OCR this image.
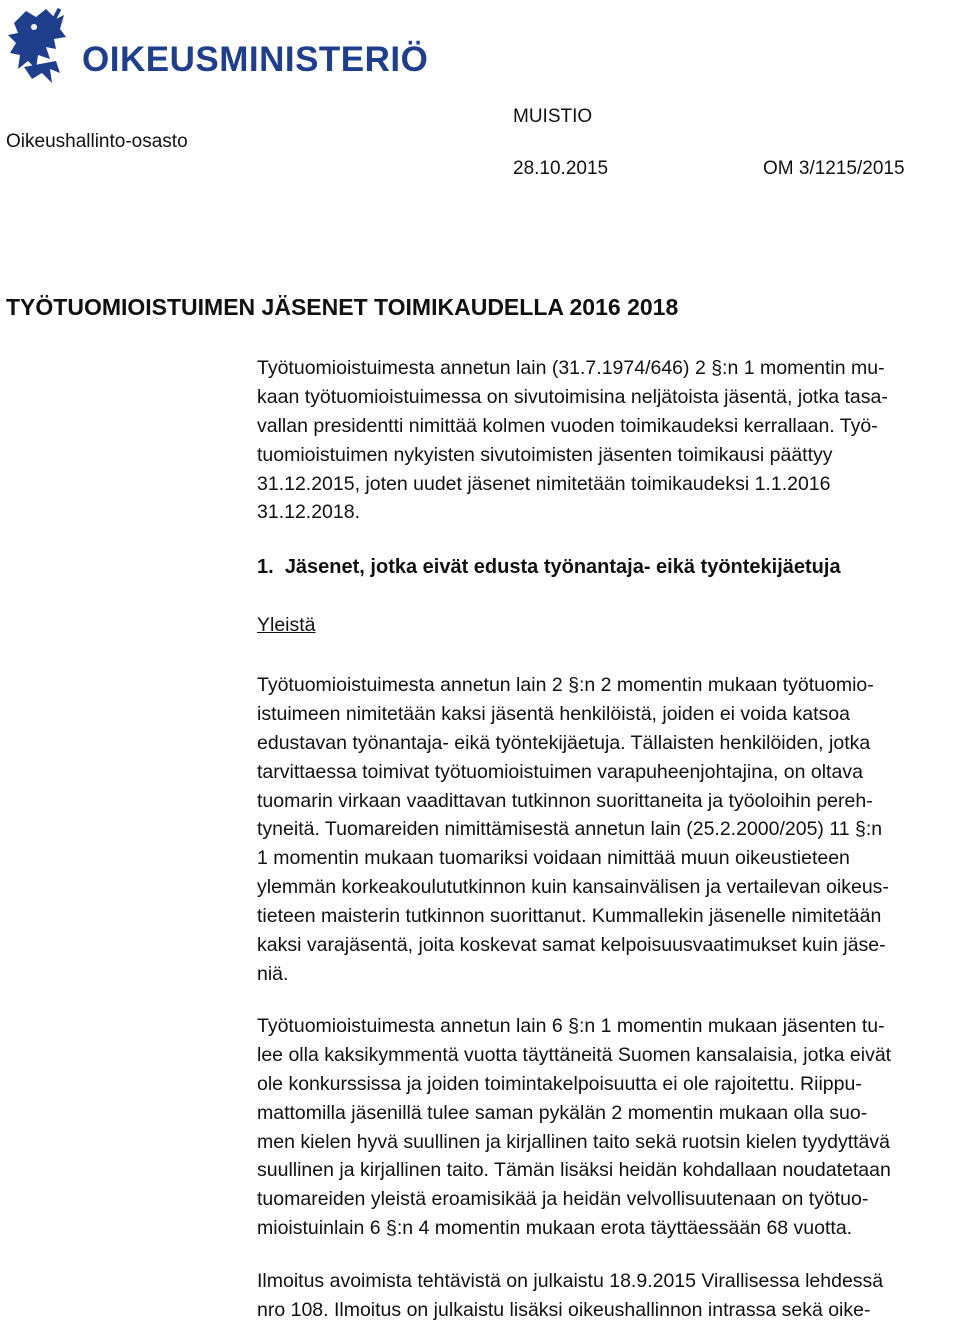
OIKEUSMINISTERIÖ
Oikeushallinto-osasto
MUISTIO
28.10.2015	OM 3/1215/2015
TYÖTUOMIOISTUIMEN JÄSENET TOIMIKAUDELLA 2016 2018
Työtuomioistuimesta annetun lain (31.7.1974/646) 2 §:n 1 momentin mu-
kaan työtuomioistuimessa on sivutoimisina neljätoista jäsentä, jotka tasa-
vallan presidentti nimittää kolmen vuoden toimikaudeksi kerrallaan. Työ-
tuomioistuimen nykyisten sivutoimisten jäsenten toimikausi päättyy
31.12.2015, joten uudet jäsenet nimitetään toimikaudeksi 1.1.2016
31.12.2018.
1. Jäsenet, jotka eivät edusta työnantaja- eikä työntekijäetuja
Yleistä
Työtuomioistuimesta annetun lain 2 §:n 2 momentin mukaan työtuomio-
istuimeen nimitetään kaksi jäsentä henkilöistä, joiden ei voida katsoa
edustavan työnantaja- eikä työntekijäetuja. Tällaisten henkilöiden, jotka
tarvittaessa toimivat työtuomioistuimen varapuheenjohtajina, on oltava
tuomarin virkaan vaadittavan tutkinnon suorittaneita ja työoloihin pereh-
tyneitä. Tuomareiden nimittämisestä annetun lain (25.2.2000/205) 11 §:n
1 momentin mukaan tuomariksi voidaan nimittää muun oikeustieteen
ylemmän korkeakoulututkinnon kuin kansainvälisen ja vertailevan oikeus-
tieteen maisterin tutkinnon suorittanut. Kummallekin jäsenelle nimitetään
kaksi varajäsentä, joita koskevat samat kelpoisuusvaatimukset kuin jäse-
niä.
Työtuomioistuimesta annetun lain 6 §:n 1 momentin mukaan jäsenten tu-
lee olla kaksikymmentä vuotta täyttäneitä Suomen kansalaisia, jotka eivät
ole konkurssissa ja joiden toimintakelpoisuutta ei ole rajoitettu. Riippu-
mattomilla jäsenillä tulee saman pykälän 2 momentin mukaan olla suo-
men kielen hyvä suullinen ja kirjallinen taito sekä ruotsin kielen tyydyttävä
suullinen ja kirjallinen taito. Tämän lisäksi heidän kohdallaan noudatetaan
tuomareiden yleistä eroamisikää ja heidän velvollisuutenaan on työtuo-
mioistuinlain 6 §:n 4 momentin mukaan erota täyttäessään 68 vuotta.
Ilmoitus avoimista tehtävistä on julkaistu 18.9.2015 Virallisessa lehdessä
nro 108. Ilmoitus on julkaistu lisäksi oikeushallinnon intrassa sekä oike-
